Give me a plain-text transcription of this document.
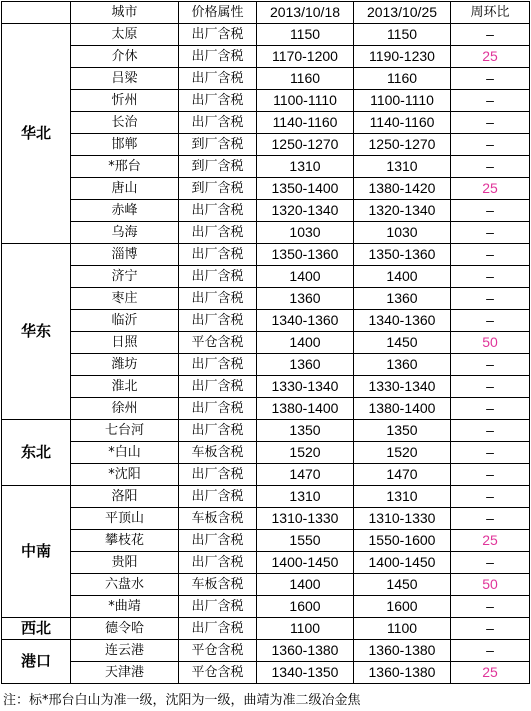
	城市	价格属性	2013/10/18	2013/10/25	周环比
华北	太原	出厂含税	1150	1150	–
	介休	出厂含税	1170-1200	1190-1230	25
	吕梁	出厂含税	1160	1160	–
	忻州	出厂含税	1100-1110	1100-1110	–
	长治	出厂含税	1140-1160	1140-1160	–
	邯郸	到厂含税	1250-1270	1250-1270	–
	*邢台	到厂含税	1310	1310	–
	唐山	到厂含税	1350-1400	1380-1420	25
	赤峰	出厂含税	1320-1340	1320-1340	–
	乌海	出厂含税	1030	1030	–
华东	淄博	出厂含税	1350-1360	1350-1360	–
	济宁	出厂含税	1400	1400	–
	枣庄	出厂含税	1360	1360	–
	临沂	出厂含税	1340-1360	1340-1360	–
	日照	平仓含税	1400	1450	50
	潍坊	出厂含税	1360	1360	–
	淮北	出厂含税	1330-1340	1330-1340	–
	徐州	出厂含税	1380-1400	1380-1400	–
东北	七台河	出厂含税	1350	1350	–
	*白山	车板含税	1520	1520	–
	*沈阳	出厂含税	1470	1470	–
中南	洛阳	出厂含税	1310	1310	–
	平顶山	车板含税	1310-1330	1310-1330	–
	攀枝花	出厂含税	1550	1550-1600	25
	贵阳	出厂含税	1400-1450	1400-1450	–
	六盘水	车板含税	1400	1450	50
	*曲靖	出厂含税	1600	1600	–
西北	德令哈	出厂含税	1100	1100	–
港口	连云港	平仓含税	1360-1380	1360-1380	–
	天津港	平仓含税	1340-1350	1360-1380	25
注：标*邢台白山为准一级，沈阳为一级，曲靖为准二级冶金焦
